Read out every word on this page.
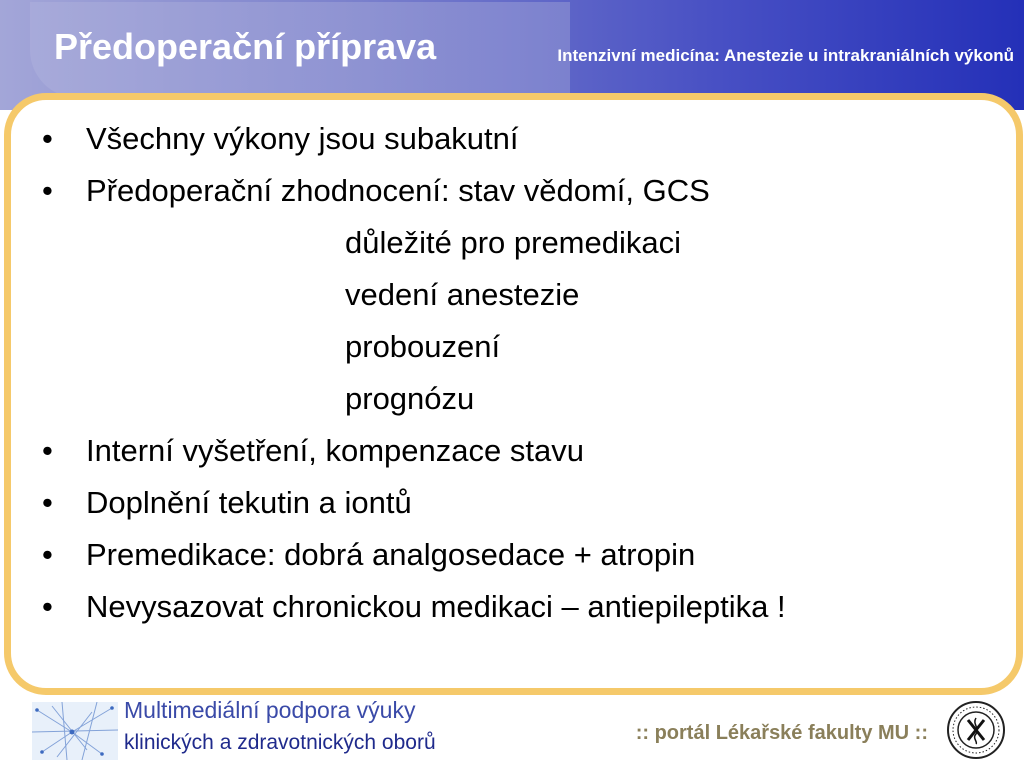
Předoperační příprava	Intenzivní medicína: Anestezie u intrakraniálních výkonů
• Všechny výkony jsou subakutní
• Předoperační zhodnocení: stav vědomí, GCS
důležité pro premedikaci
vedení anestezie
probouzení
prognózu
• Interní vyšetření, kompenzace stavu
• Doplnění tekutin a iontů
• Premedikace: dobrá analgosedace + atropin
• Nevysazovat chronickou medikaci – antiepileptika !
Multimediální podpora výuky
klinických a zdravotnických oborů	:: portál Lékařské fakulty MU ::
